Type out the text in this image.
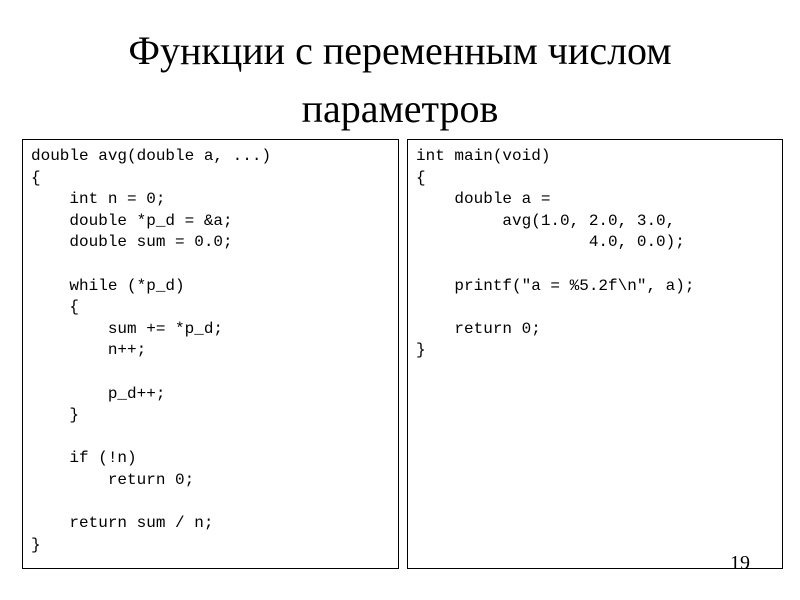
Функции с переменным числом
параметров
double avg(double a, ...)
{
int n = 0;
double *p_d = &a;
double sum = 0.0;
while (*p_d)
{
sum += *p_d;
n++;
p_d++;
}
if (!n)
return 0;
return sum / n;
}
int main(void)
{
double a =
avg(1.0, 2.0, 3.0,
4.0, 0.0);
printf("a = %5.2f\n", a);
return 0;
}
19
